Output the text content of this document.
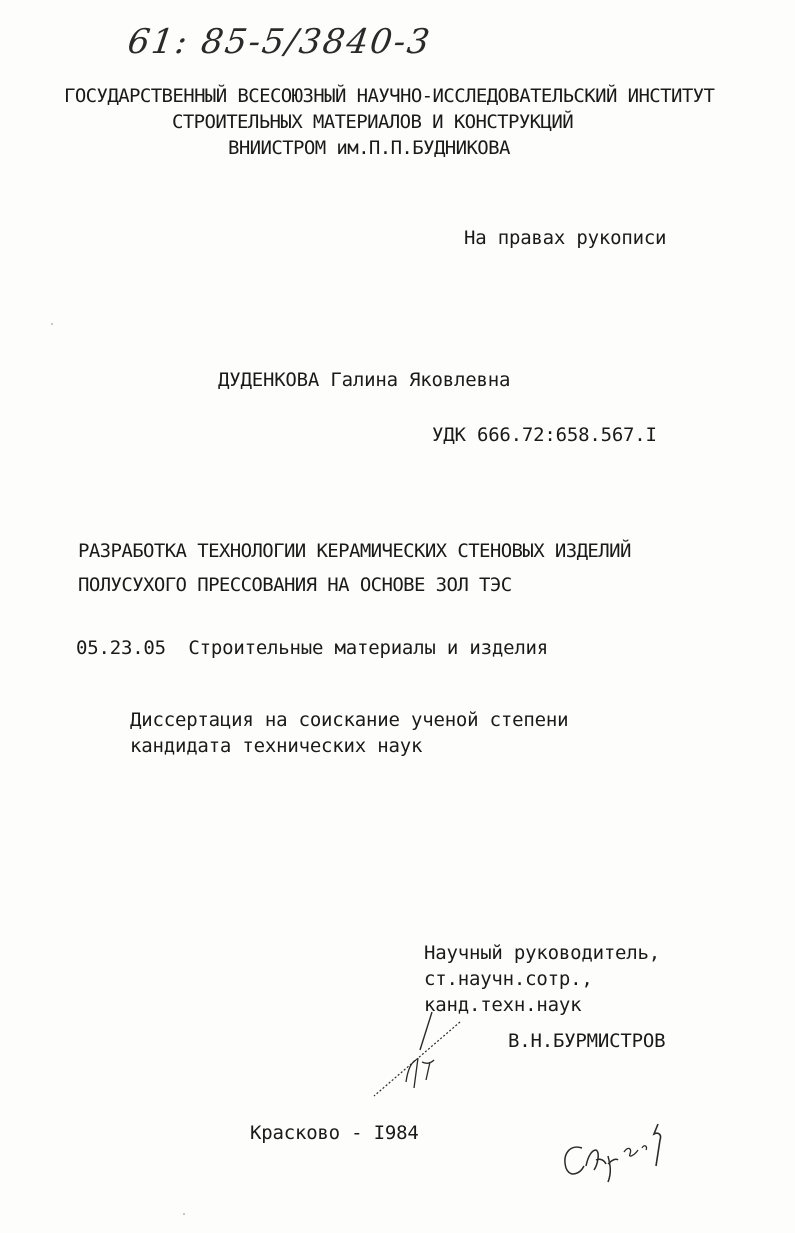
61: 85-5/3840-3
ГОСУДАРСТВЕННЫЙ ВСЕСОЮЗНЫЙ НАУЧНО-ИССЛЕДОВАТЕЛЬСКИЙ ИНСТИТУТ
СТРОИТЕЛЬНЫХ МАТЕРИАЛОВ И КОНСТРУКЦИЙ
ВНИИСТРОМ им.П.П.БУДНИКОВА
На правах рукописи
ДУДЕНКОВА Галина Яковлевна
УДК 666.72:658.567.I
РАЗРАБОТКА ТЕХНОЛОГИИ КЕРАМИЧЕСКИХ СТЕНОВЫХ ИЗДЕЛИЙ
ПОЛУСУХОГО ПРЕССОВАНИЯ НА ОСНОВЕ ЗОЛ ТЭС
05.23.05  Строительные материалы и изделия
Диссертация на соискание ученой степени
кандидата технических наук
Научный руководитель,
ст.научн.сотр.,
канд.техн.наук
В.Н.БУРМИСТРОВ
Красково - I984
